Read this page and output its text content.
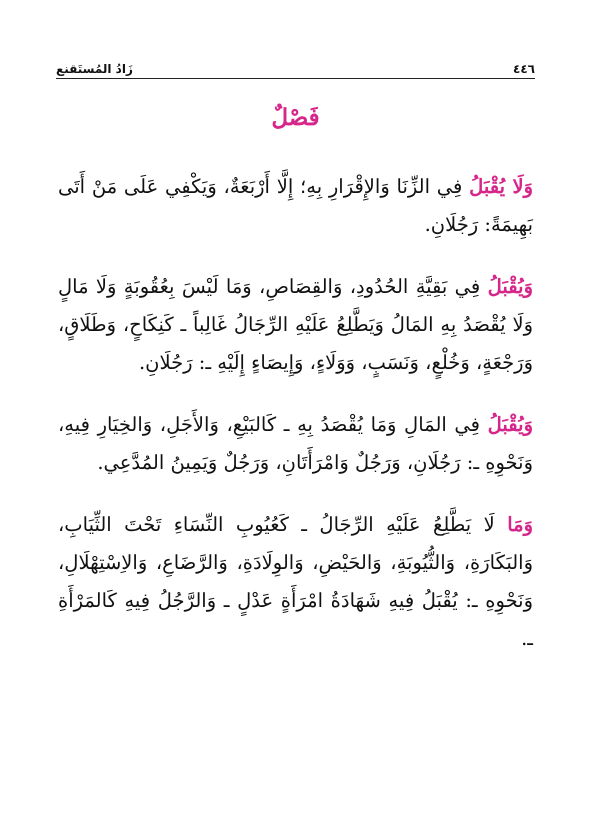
زَادُ المُستَقنع	٤٤٦
فَصْلٌ

وَلَا يُقْبَلُ فِي الزِّنَا وَالإِقْرَارِ بِهِ؛ إِلَّا أَرْبَعَةٌ، وَيَكْفِي عَلَى مَنْ أَتَى بَهِيمَةً: رَجُلَانِ.

وَيُقْبَلُ فِي بَقِيَّةِ الحُدُودِ، وَالقِصَاصِ، وَمَا لَيْسَ بِعُقُوبَةٍ وَلَا مَالٍ وَلَا يُقْصَدُ بِهِ المَالُ وَيَطَّلِعُ عَلَيْهِ الرِّجَالُ غَالِباً ـ كَنِكَاحٍ، وَطَلَاقٍ، وَرَجْعَةٍ، وَخُلْعٍ، وَنَسَبٍ، وَوَلَاءٍ، وَإِيصَاءٍ إِلَيْهِ ـ: رَجُلَانِ.

وَيُقْبَلُ فِي المَالِ وَمَا يُقْصَدُ بِهِ ـ كَالبَيْعِ، وَالأَجَلِ، وَالخِيَارِ فِيهِ، وَنَحْوِهِ ـ: رَجُلَانِ، وَرَجُلٌ وَامْرَأَتَانِ، وَرَجُلٌ وَيَمِينُ المُدَّعِي.

وَمَا لَا يَطَّلِعُ عَلَيْهِ الرِّجَالُ ـ كَعُيُوبِ النِّسَاءِ تَحْتَ الثِّيَابِ، وَالبَكَارَةِ، وَالثُّيُوبَةِ، وَالحَيْضِ، وَالوِلَادَةِ، وَالرَّضَاعِ، وَالاِسْتِهْلَالِ، وَنَحْوِهِ ـ: يُقْبَلُ فِيهِ شَهَادَةُ امْرَأَةٍ عَدْلٍ ـ وَالرَّجُلُ فِيهِ كَالمَرْأَةِ ـ.
